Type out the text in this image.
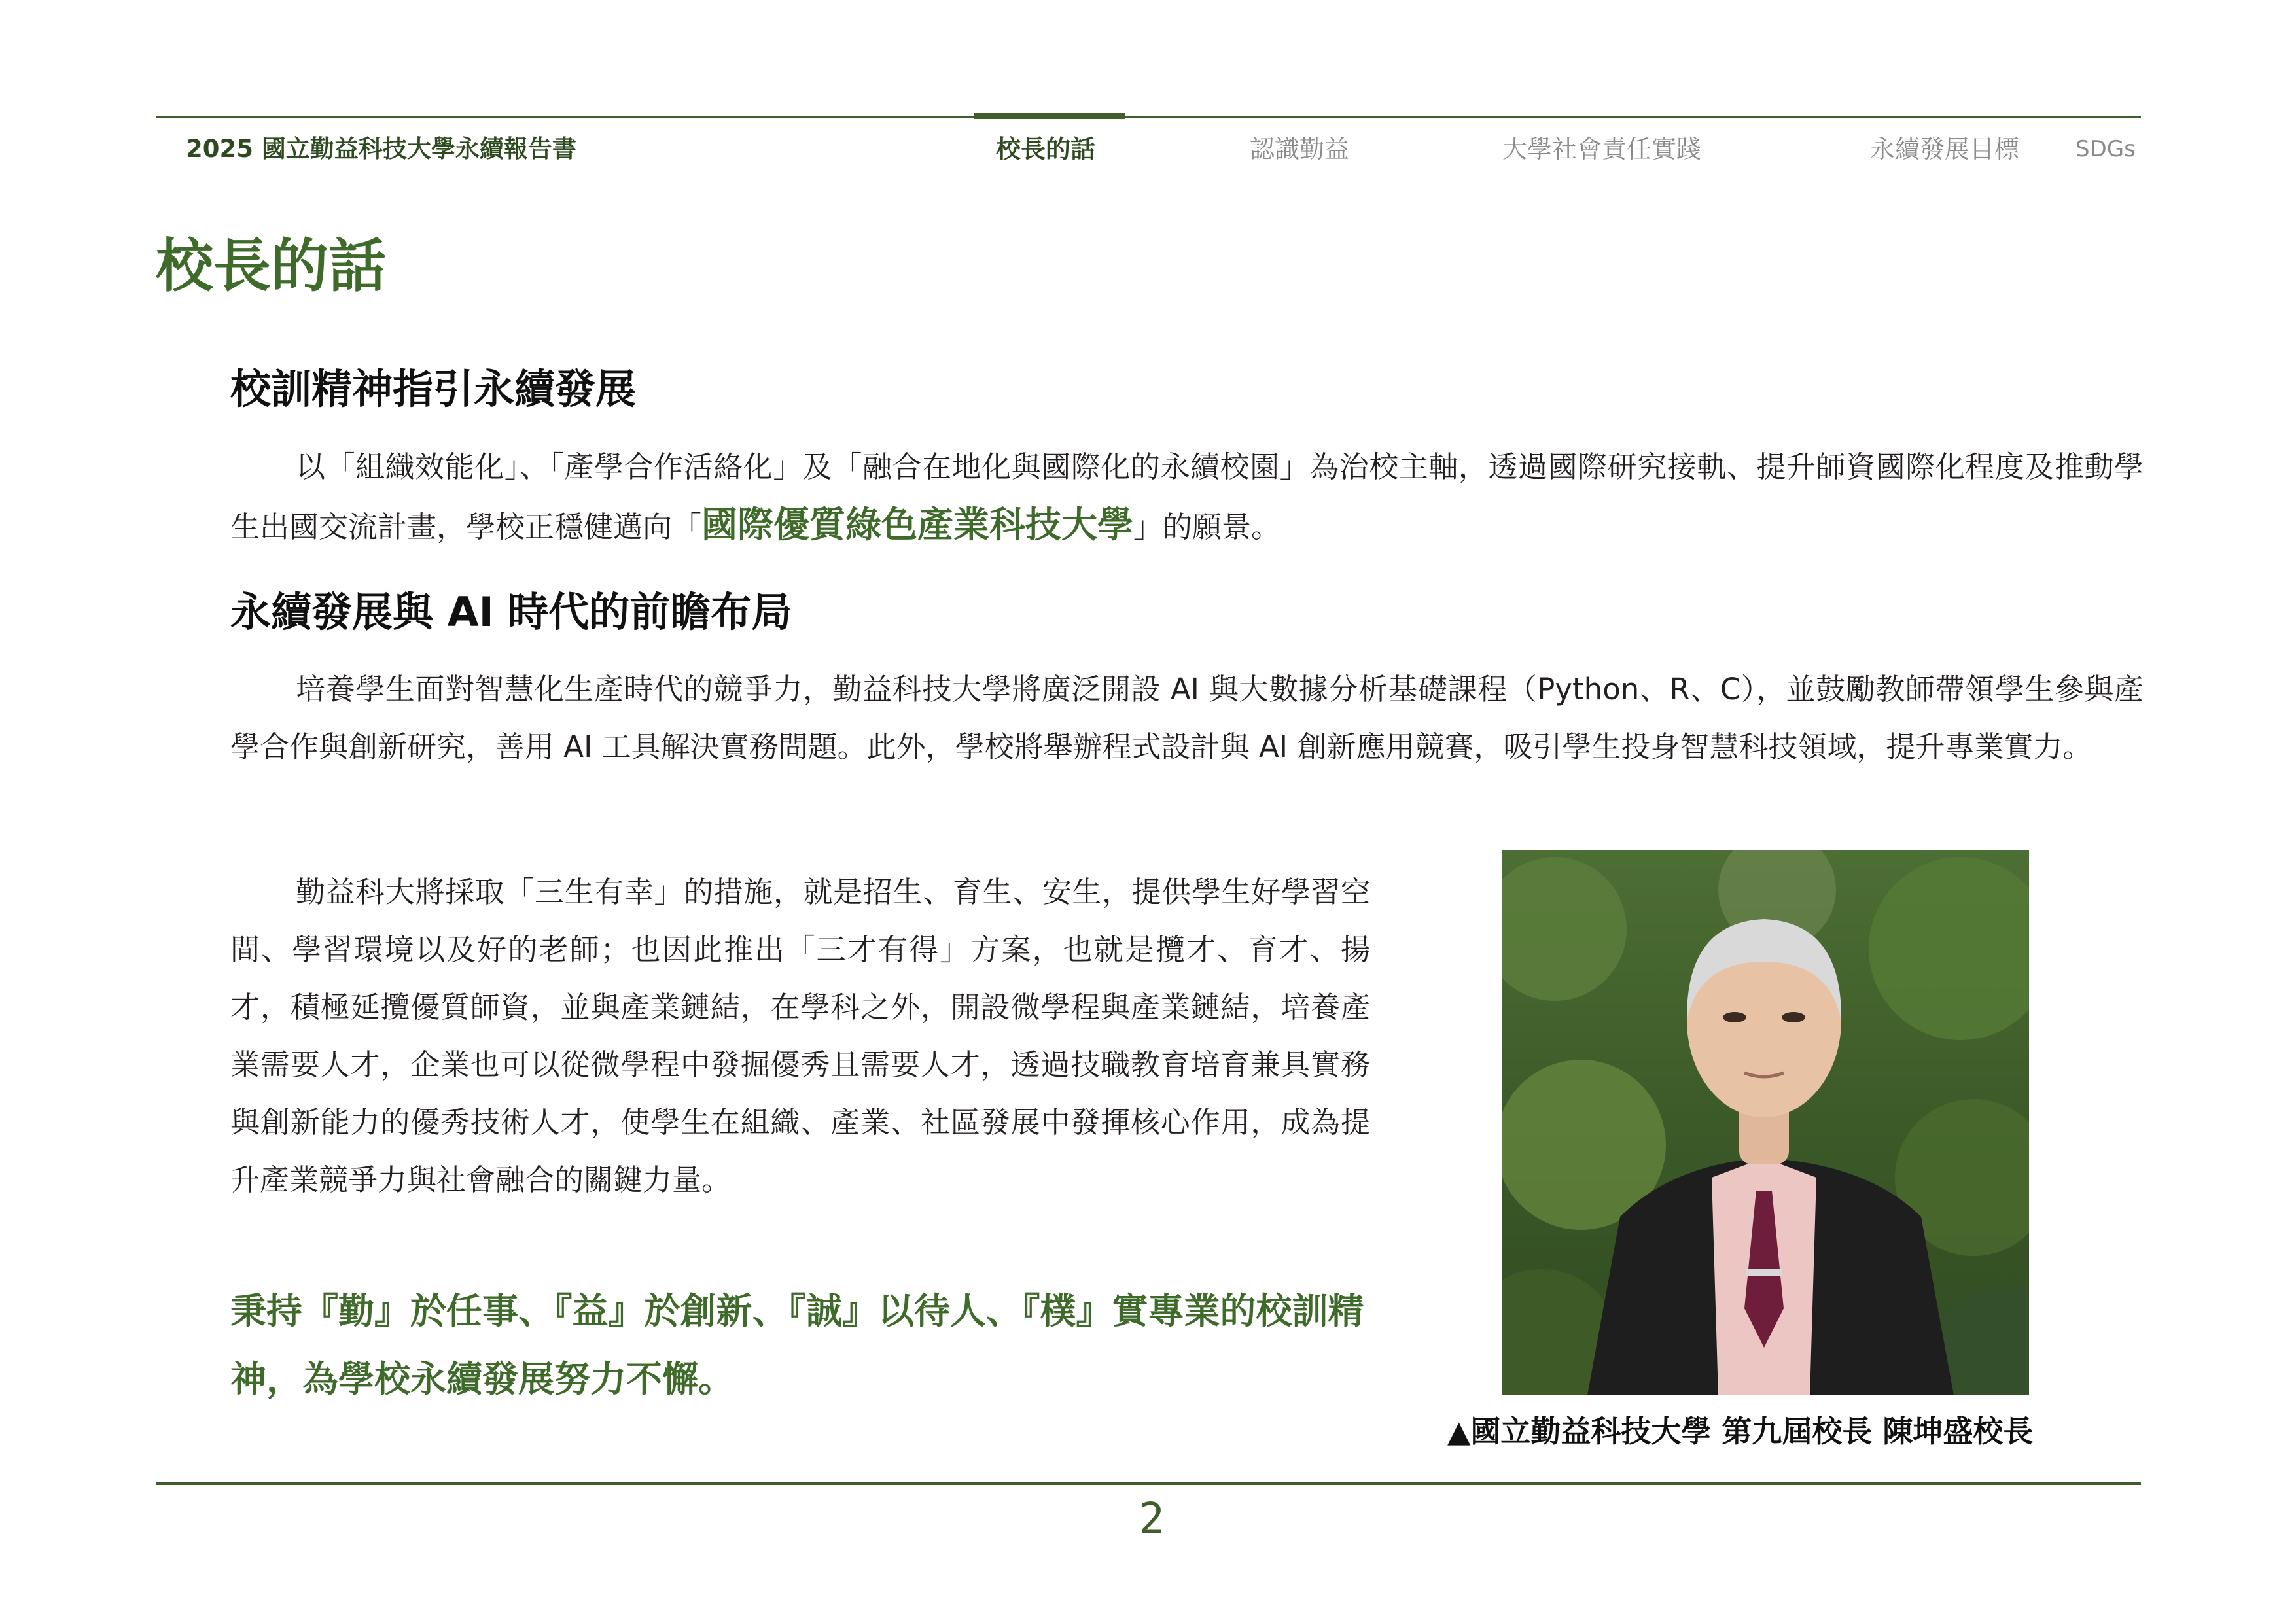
2025 國立勤益科技大學永續報告書	校長的話	認識勤益	大學社會責任實踐	永續發展目標	SDGs
校長的話
校訓精神指引永續發展
以「組織效能化」、「產學合作活絡化」及「融合在地化與國際化的永續校園」為治校主軸，透過國際研究接軌、提升師資國際化程度及推動學生出國交流計畫，學校正穩健邁向「國際優質綠色產業科技大學」的願景。
永續發展與 AI 時代的前瞻布局
培養學生面對智慧化生產時代的競爭力，勤益科技大學將廣泛開設 AI 與大數據分析基礎課程（Python、R、C），並鼓勵教師帶領學生參與產學合作與創新研究，善用 AI 工具解決實務問題。此外，學校將舉辦程式設計與 AI 創新應用競賽，吸引學生投身智慧科技領域，提升專業實力。
勤益科大將採取「三生有幸」的措施，就是招生、育生、安生，提供學生好學習空間、學習環境以及好的老師；也因此推出「三才有得」方案，也就是攬才、育才、揚才，積極延攬優質師資，並與產業鏈結，在學科之外，開設微學程與產業鏈結，培養產業需要人才，企業也可以從微學程中發掘優秀且需要人才，透過技職教育培育兼具實務與創新能力的優秀技術人才，使學生在組織、產業、社區發展中發揮核心作用，成為提升產業競爭力與社會融合的關鍵力量。
秉持『勤』於任事、『益』於創新、『誠』以待人、『樸』實專業的校訓精神，為學校永續發展努力不懈。
▲國立勤益科技大學 第九屆校長 陳坤盛校長
2
